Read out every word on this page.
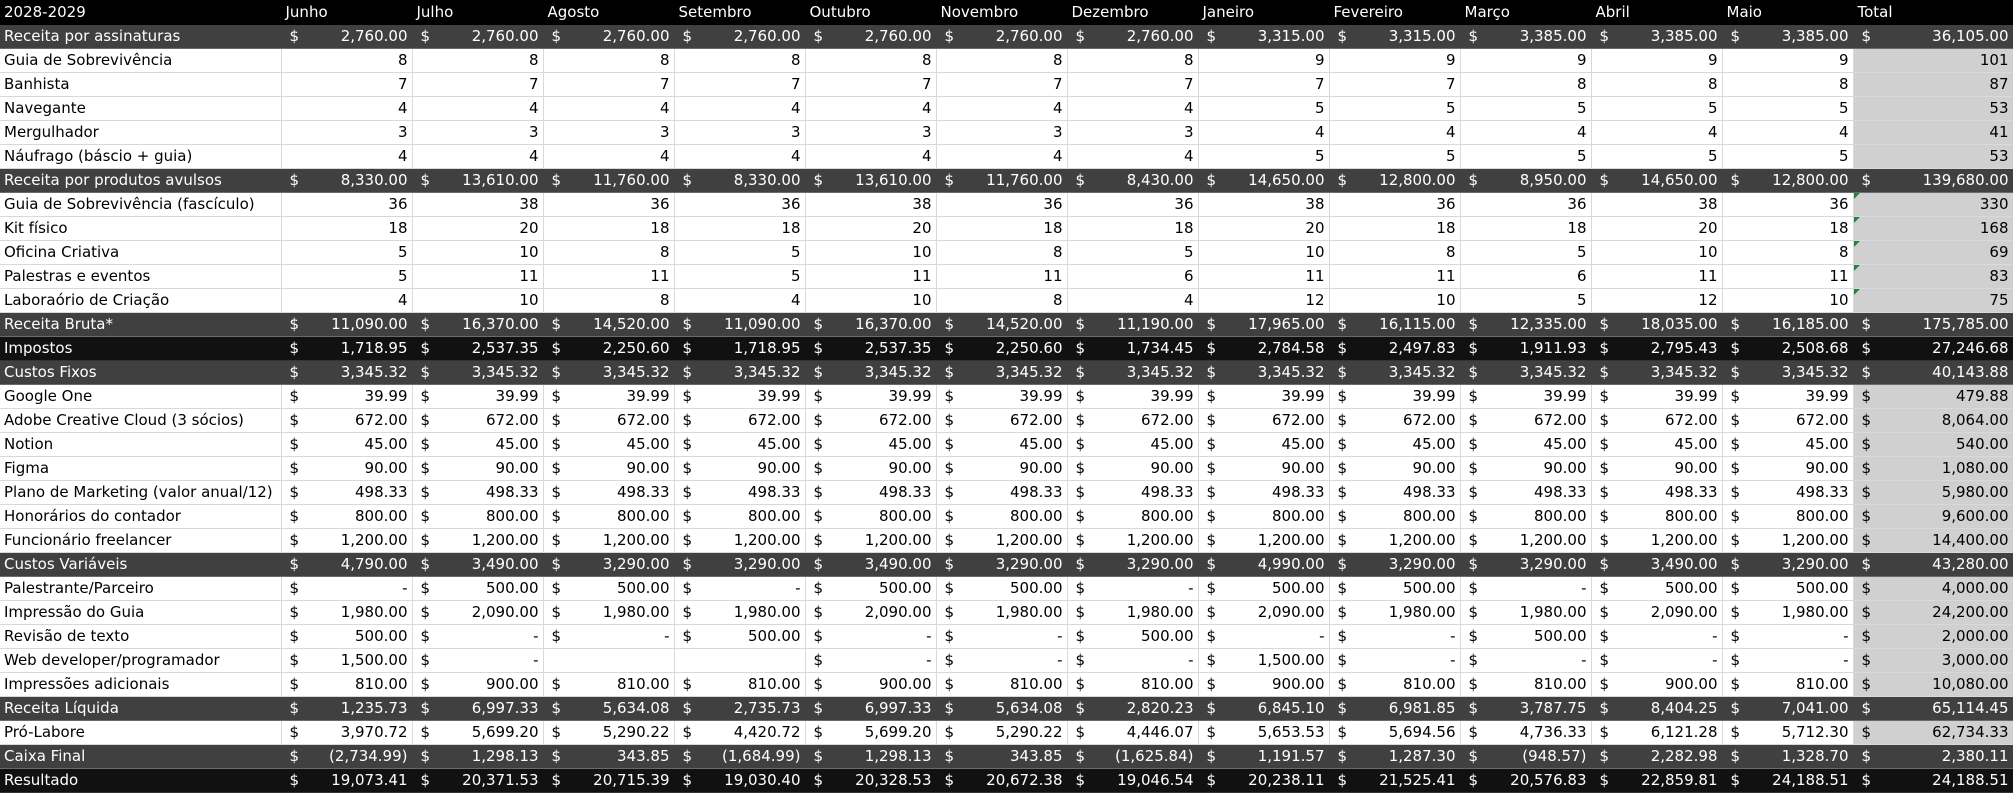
2028-2029	Junho	Julho	Agosto	Setembro	Outubro	Novembro	Dezembro	Janeiro	Fevereiro	Março	Abril	Maio	Total
Receita por assinaturas	$ 2,760.00	$ 2,760.00	$ 2,760.00	$ 2,760.00	$ 2,760.00	$ 2,760.00	$ 2,760.00	$ 3,315.00	$ 3,315.00	$ 3,385.00	$ 3,385.00	$ 3,385.00	$ 36,105.00

Guia de Sobrevivência	8	8	8	8	8	8	8	9	9	9	9	9	101
Banhista	7	7	7	7	7	7	7	7	7	8	8	8	87
Navegante	4	4	4	4	4	4	4	5	5	5	5	5	53
Mergulhador	3	3	3	3	3	3	3	4	4	4	4	4	41
Náufrago (báscio + guia)	4	4	4	4	4	4	4	5	5	5	5	5	53
Receita por produtos avulsos	$ 8,330.00	$ 13,610.00	$ 11,760.00	$ 8,330.00	$ 13,610.00	$ 11,760.00	$ 8,430.00	$ 14,650.00	$ 12,800.00	$ 8,950.00	$ 14,650.00	$ 12,800.00	$ 139,680.00

Guia de Sobrevivência (fascículo)	36	38	36	36	38	36	36	38	36	36	38	36	330
Kit físico	18	20	18	18	20	18	18	20	18	18	20	18	168
Oficina Criativa	5	10	8	5	10	8	5	10	8	5	10	8	69
Palestras e eventos	5	11	11	5	11	11	6	11	11	6	11	11	83
Laboraório de Criação	4	10	8	4	10	8	4	12	10	5	12	10	75
Receita Bruta*	$ 11,090.00	$ 16,370.00	$ 14,520.00	$ 11,090.00	$ 16,370.00	$ 14,520.00	$ 11,190.00	$ 17,965.00	$ 16,115.00	$ 12,335.00	$ 18,035.00	$ 16,185.00	$ 175,785.00

Impostos	$ 1,718.95	$ 2,537.35	$ 2,250.60	$ 1,718.95	$ 2,537.35	$ 2,250.60	$ 1,734.45	$ 2,784.58	$ 2,497.83	$ 1,911.93	$ 2,795.43	$ 2,508.68	$ 27,246.68

Custos Fixos	$ 3,345.32	$ 3,345.32	$ 3,345.32	$ 3,345.32	$ 3,345.32	$ 3,345.32	$ 3,345.32	$ 3,345.32	$ 3,345.32	$ 3,345.32	$ 3,345.32	$ 3,345.32	$ 40,143.88

Google One	$ 39.99	$ 39.99	$ 39.99	$ 39.99	$ 39.99	$ 39.99	$ 39.99	$ 39.99	$ 39.99	$ 39.99	$ 39.99	$ 39.99	$ 479.88

Adobe Creative Cloud (3 sócios)	$ 672.00	$ 672.00	$ 672.00	$ 672.00	$ 672.00	$ 672.00	$ 672.00	$ 672.00	$ 672.00	$ 672.00	$ 672.00	$ 672.00	$ 8,064.00

Notion	$ 45.00	$ 45.00	$ 45.00	$ 45.00	$ 45.00	$ 45.00	$ 45.00	$ 45.00	$ 45.00	$ 45.00	$ 45.00	$ 45.00	$ 540.00

Figma	$ 90.00	$ 90.00	$ 90.00	$ 90.00	$ 90.00	$ 90.00	$ 90.00	$ 90.00	$ 90.00	$ 90.00	$ 90.00	$ 90.00	$ 1,080.00

Plano de Marketing (valor anual/12)	$ 498.33	$ 498.33	$ 498.33	$ 498.33	$ 498.33	$ 498.33	$ 498.33	$ 498.33	$ 498.33	$ 498.33	$ 498.33	$ 498.33	$ 5,980.00

Honorários do contador	$ 800.00	$ 800.00	$ 800.00	$ 800.00	$ 800.00	$ 800.00	$ 800.00	$ 800.00	$ 800.00	$ 800.00	$ 800.00	$ 800.00	$ 9,600.00

Funcionário freelancer	$ 1,200.00	$ 1,200.00	$ 1,200.00	$ 1,200.00	$ 1,200.00	$ 1,200.00	$ 1,200.00	$ 1,200.00	$ 1,200.00	$ 1,200.00	$ 1,200.00	$ 1,200.00	$ 14,400.00

Custos Variáveis	$ 4,790.00	$ 3,490.00	$ 3,290.00	$ 3,290.00	$ 3,490.00	$ 3,290.00	$ 3,290.00	$ 4,990.00	$ 3,290.00	$ 3,290.00	$ 3,490.00	$ 3,290.00	$ 43,280.00

Palestrante/Parceiro	$ -	$ 500.00	$ 500.00	$ -	$ 500.00	$ 500.00	$ -	$ 500.00	$ 500.00	$ -	$ 500.00	$ 500.00	$ 4,000.00

Impressão do Guia	$ 1,980.00	$ 2,090.00	$ 1,980.00	$ 1,980.00	$ 2,090.00	$ 1,980.00	$ 1,980.00	$ 2,090.00	$ 1,980.00	$ 1,980.00	$ 2,090.00	$ 1,980.00	$ 24,200.00

Revisão de texto	$ 500.00	$ -	$ -	$ 500.00	$ -	$ -	$ 500.00	$ -	$ -	$ 500.00	$ -	$ -	$ 2,000.00

Web developer/programador	$ 1,500.00	$ -			$ -	$ -	$ -	$ 1,500.00	$ -	$ -	$ -	$ -	$ 3,000.00

Impressões adicionais	$ 810.00	$ 900.00	$ 810.00	$ 810.00	$ 900.00	$ 810.00	$ 810.00	$ 900.00	$ 810.00	$ 810.00	$ 900.00	$ 810.00	$ 10,080.00

Receita Líquida	$ 1,235.73	$ 6,997.33	$ 5,634.08	$ 2,735.73	$ 6,997.33	$ 5,634.08	$ 2,820.23	$ 6,845.10	$ 6,981.85	$ 3,787.75	$ 8,404.25	$ 7,041.00	$ 65,114.45

Pró-Labore	$ 3,970.72	$ 5,699.20	$ 5,290.22	$ 4,420.72	$ 5,699.20	$ 5,290.22	$ 4,446.07	$ 5,653.53	$ 5,694.56	$ 4,736.33	$ 6,121.28	$ 5,712.30	$ 62,734.33

Caixa Final	$ (2,734.99)	$ 1,298.13	$ 343.85	$ (1,684.99)	$ 1,298.13	$ 343.85	$ (1,625.84)	$ 1,191.57	$ 1,287.30	$ (948.57)	$ 2,282.98	$ 1,328.70	$ 2,380.11

Resultado	$ 19,073.41	$ 20,371.53	$ 20,715.39	$ 19,030.40	$ 20,328.53	$ 20,672.38	$ 19,046.54	$ 20,238.11	$ 21,525.41	$ 20,576.83	$ 22,859.81	$ 24,188.51	$ 24,188.51
